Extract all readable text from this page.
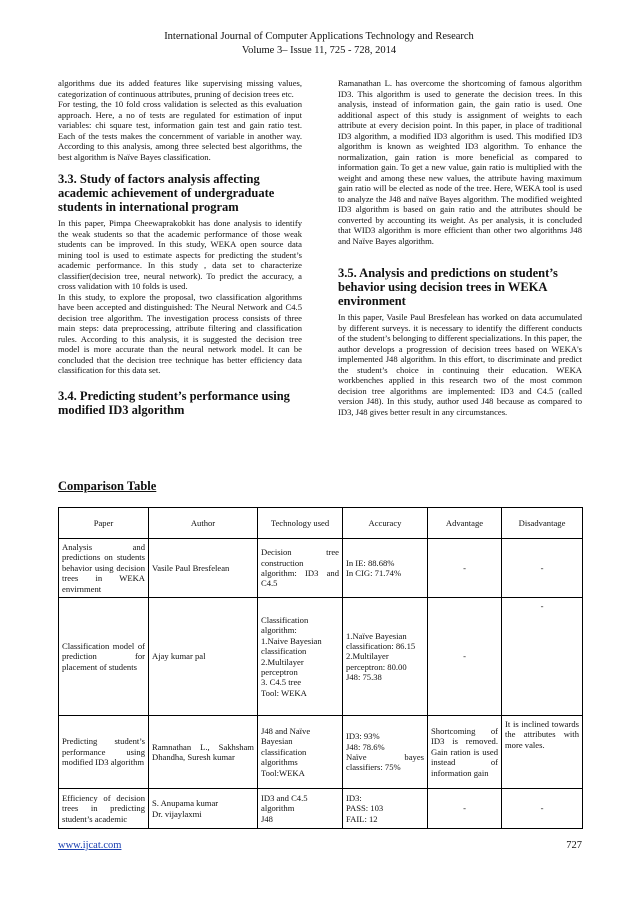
International Journal of Computer Applications Technology and Research
Volume 3– Issue 11, 725 - 728, 2014

algorithms due its added features like supervising missing values, categorization of continuous attributes, pruning of decision trees etc.

For testing, the 10 fold cross validation is selected as this evaluation approach. Here, a no of tests are regulated for estimation of input variables: chi square test, information gain test and gain ratio test. Each of the tests makes the concernment of variable in another way. According to this analysis, among three selected best algorithms, the best algorithm is Naïve Bayes classification.

3.3. Study of factors analysis affecting academic achievement of undergraduate students in international program

In this paper, Pimpa Cheewaprakobkit has done analysis to identify the weak students so that the academic performance of those weak students can be improved. In this study, WEKA open source data mining tool is used to estimate aspects for predicting the student’s academic performance. In this study , data set to characterize classifier(decision tree, neural network). To predict the accuracy, a cross validation with 10 folds is used.

In this study, to explore the proposal, two classification algorithms have been accepted and distinguished: The Neural Network and C4.5 decision tree algorithm. The investigation process consists of three main steps: data preprocessing, attribute filtering and classification rules. According to this analysis, it is suggested the decision tree model is more accurate than the neural network model. It can be concluded that the decision tree technique has better efficiency data classification for this data set.

3.4. Predicting student’s performance using modified ID3 algorithm

Ramanathan L. has overcome the shortcoming of famous algorithm ID3. This algorithm is used to generate the decision trees. In this analysis, instead of information gain, the gain ratio is used. One additional aspect of this study is assignment of weights to each attribute at every decision point. In this paper, in place of traditional ID3 algorithm, a modified ID3 algorithm is used. This modified ID3 algorithm is known as weighted ID3 algorithm. To enhance the normalization, gain ration is more beneficial as compared to information gain. To get a new value, gain ratio is multiplied with the weight and among these new values, the attribute having maximum gain ratio will be elected as node of the tree. Here, WEKA tool is used to analyze the J48 and naïve Bayes algorithm. The modified weighted ID3 algorithm is based on gain ratio and the attributes should be converted by accounting its weight. As per analysis, it is concluded that WID3 algorithm is more efficient than other two algorithms J48 and Naïve Bayes algorithm.

3.5. Analysis and predictions on student’s behavior using decision trees in WEKA environment

In this paper, Vasile Paul Bresfelean has worked on data accumulated by different surveys. it is necessary to identify the different conducts of the student’s belonging to different specializations. In this paper, the author develops a progression of decision trees based on WEKA's implemented J48 algorithm. In this effort, to discriminate and predict the student’s choice in continuing their education. WEKA workbenches applied in this research two of the most common decision tree algorithms are implemented: ID3 and C4.5 (called version J48). In this study, author used J48 because as compared to ID3, J48 gives better result in any circumstances.

Comparison Table
Paper	Author	Technology used	Accuracy	Advantage	Disadvantage
Analysis and predictions on students behavior using decision trees in WEKA envirnment	Vasile Paul Bresfelean	Decision tree construction algorithm: ID3 and C4.5	In IE: 88.68%
In CIG: 71.74%	-	-
Classification model of prediction for placement of students	Ajay kumar pal	Classification algorithm:
1.Naive Bayesian classification
2.Multilayer perceptron
3. C4.5 tree
Tool: WEKA	1.Naïve Bayesian classification: 86.15
2.Multilayer perceptron: 80.00
J48: 75.38	-	-
Predicting student’s performance using modified ID3 algorithm	Ramnathan L., Sakhsham Dhandha, Suresh kumar	J48 and Naïve Bayesian classification algorithms
Tool:WEKA	ID3: 93%
J48: 78.6%
Naïve bayes classifiers: 75%	Shortcoming of ID3 is removed. Gain ration is used instead of information gain	It is inclined towards the attributes with more vales.
Efficiency of decision trees in predicting student’s academic	S. Anupama kumar
Dr. vijaylaxmi	ID3 and C4.5 algorithm
J48	ID3:
PASS: 103
FAIL: 12	-	-
www.ijcat.com	727
